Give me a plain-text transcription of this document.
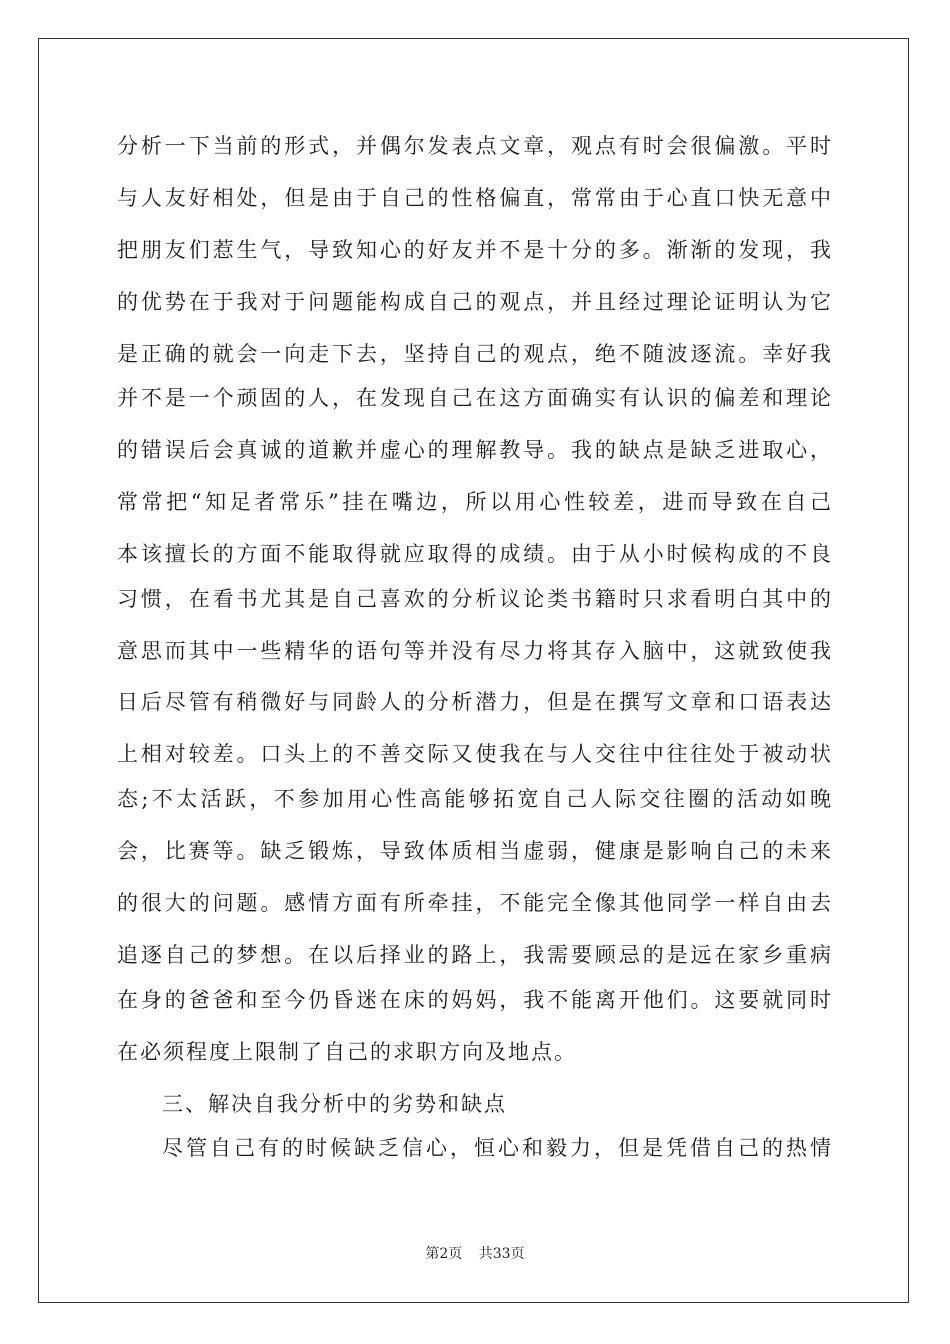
分析一下当前的形式，并偶尔发表点文章，观点有时会很偏激。平时
与人友好相处，但是由于自己的性格偏直，常常由于心直口快无意中
把朋友们惹生气，导致知心的好友并不是十分的多。渐渐的发现，我
的优势在于我对于问题能构成自己的观点，并且经过理论证明认为它
是正确的就会一向走下去，坚持自己的观点，绝不随波逐流。幸好我
并不是一个顽固的人，在发现自己在这方面确实有认识的偏差和理论
的错误后会真诚的道歉并虚心的理解教导。我的缺点是缺乏进取心，
常常把“知足者常乐”挂在嘴边，所以用心性较差，进而导致在自己
本该擅长的方面不能取得就应取得的成绩。由于从小时候构成的不良
习惯，在看书尤其是自己喜欢的分析议论类书籍时只求看明白其中的
意思而其中一些精华的语句等并没有尽力将其存入脑中，这就致使我
日后尽管有稍微好与同龄人的分析潜力，但是在撰写文章和口语表达
上相对较差。口头上的不善交际又使我在与人交往中往往处于被动状
态;不太活跃，不参加用心性高能够拓宽自己人际交往圈的活动如晚
会，比赛等。缺乏锻炼，导致体质相当虚弱，健康是影响自己的未来
的很大的问题。感情方面有所牵挂，不能完全像其他同学一样自由去
追逐自己的梦想。在以后择业的路上，我需要顾忌的是远在家乡重病
在身的爸爸和至今仍昏迷在床的妈妈，我不能离开他们。这要就同时
在必须程度上限制了自己的求职方向及地点。
三、解决自我分析中的劣势和缺点
尽管自己有的时候缺乏信心，恒心和毅力，但是凭借自己的热情
第2页 共33页
